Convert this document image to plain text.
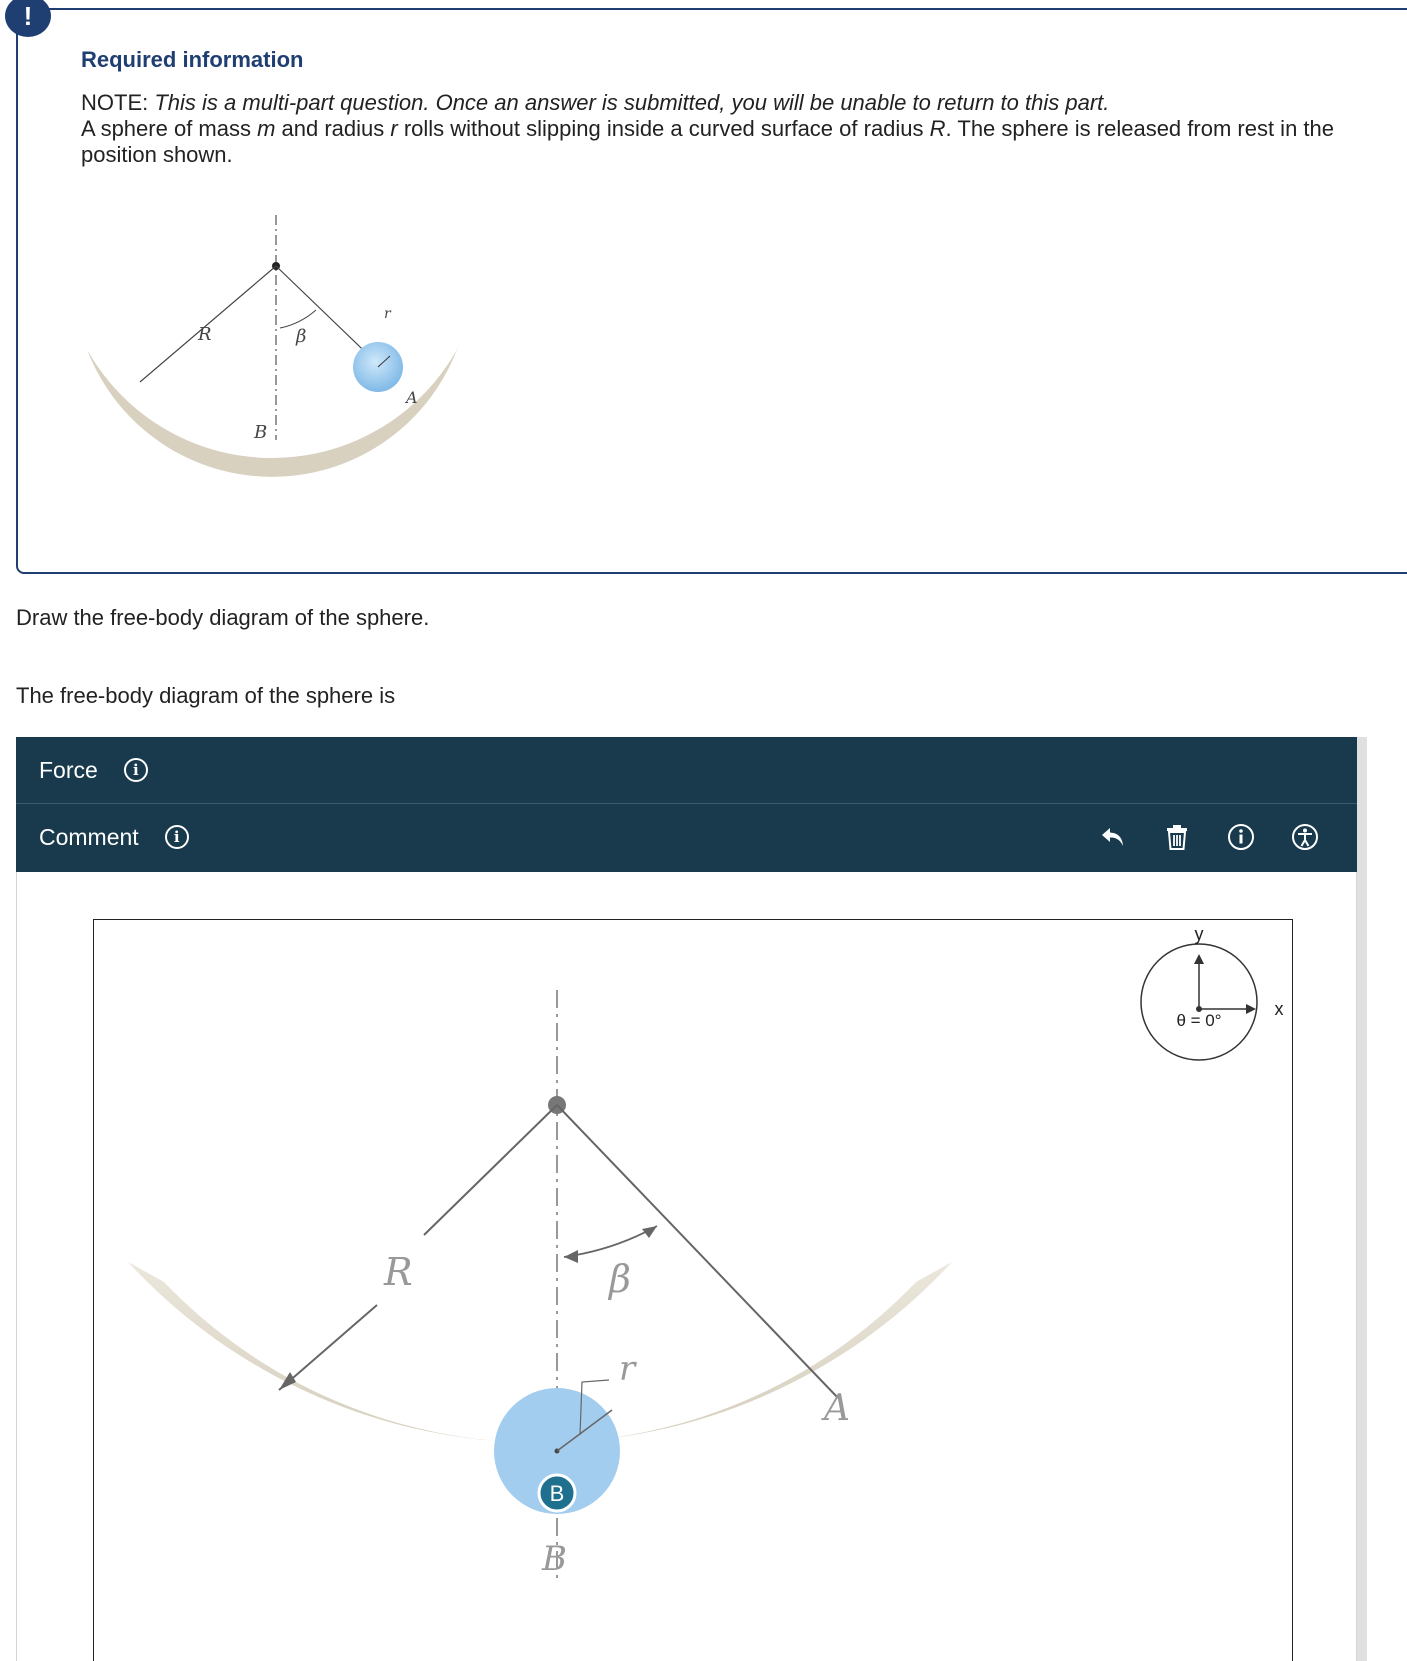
!
Required information
NOTE: This is a multi-part question. Once an answer is submitted, you will be unable to return to this part.
A sphere of mass m and radius r rolls without slipping inside a curved surface of radius R. The sphere is released from rest in the position shown.
R	β
r
A
B
Draw the free-body diagram of the sphere.
The free-body diagram of the sphere is
Force	i
Comment	i
R	β
r
A
B
B
y
x
θ = 0°
